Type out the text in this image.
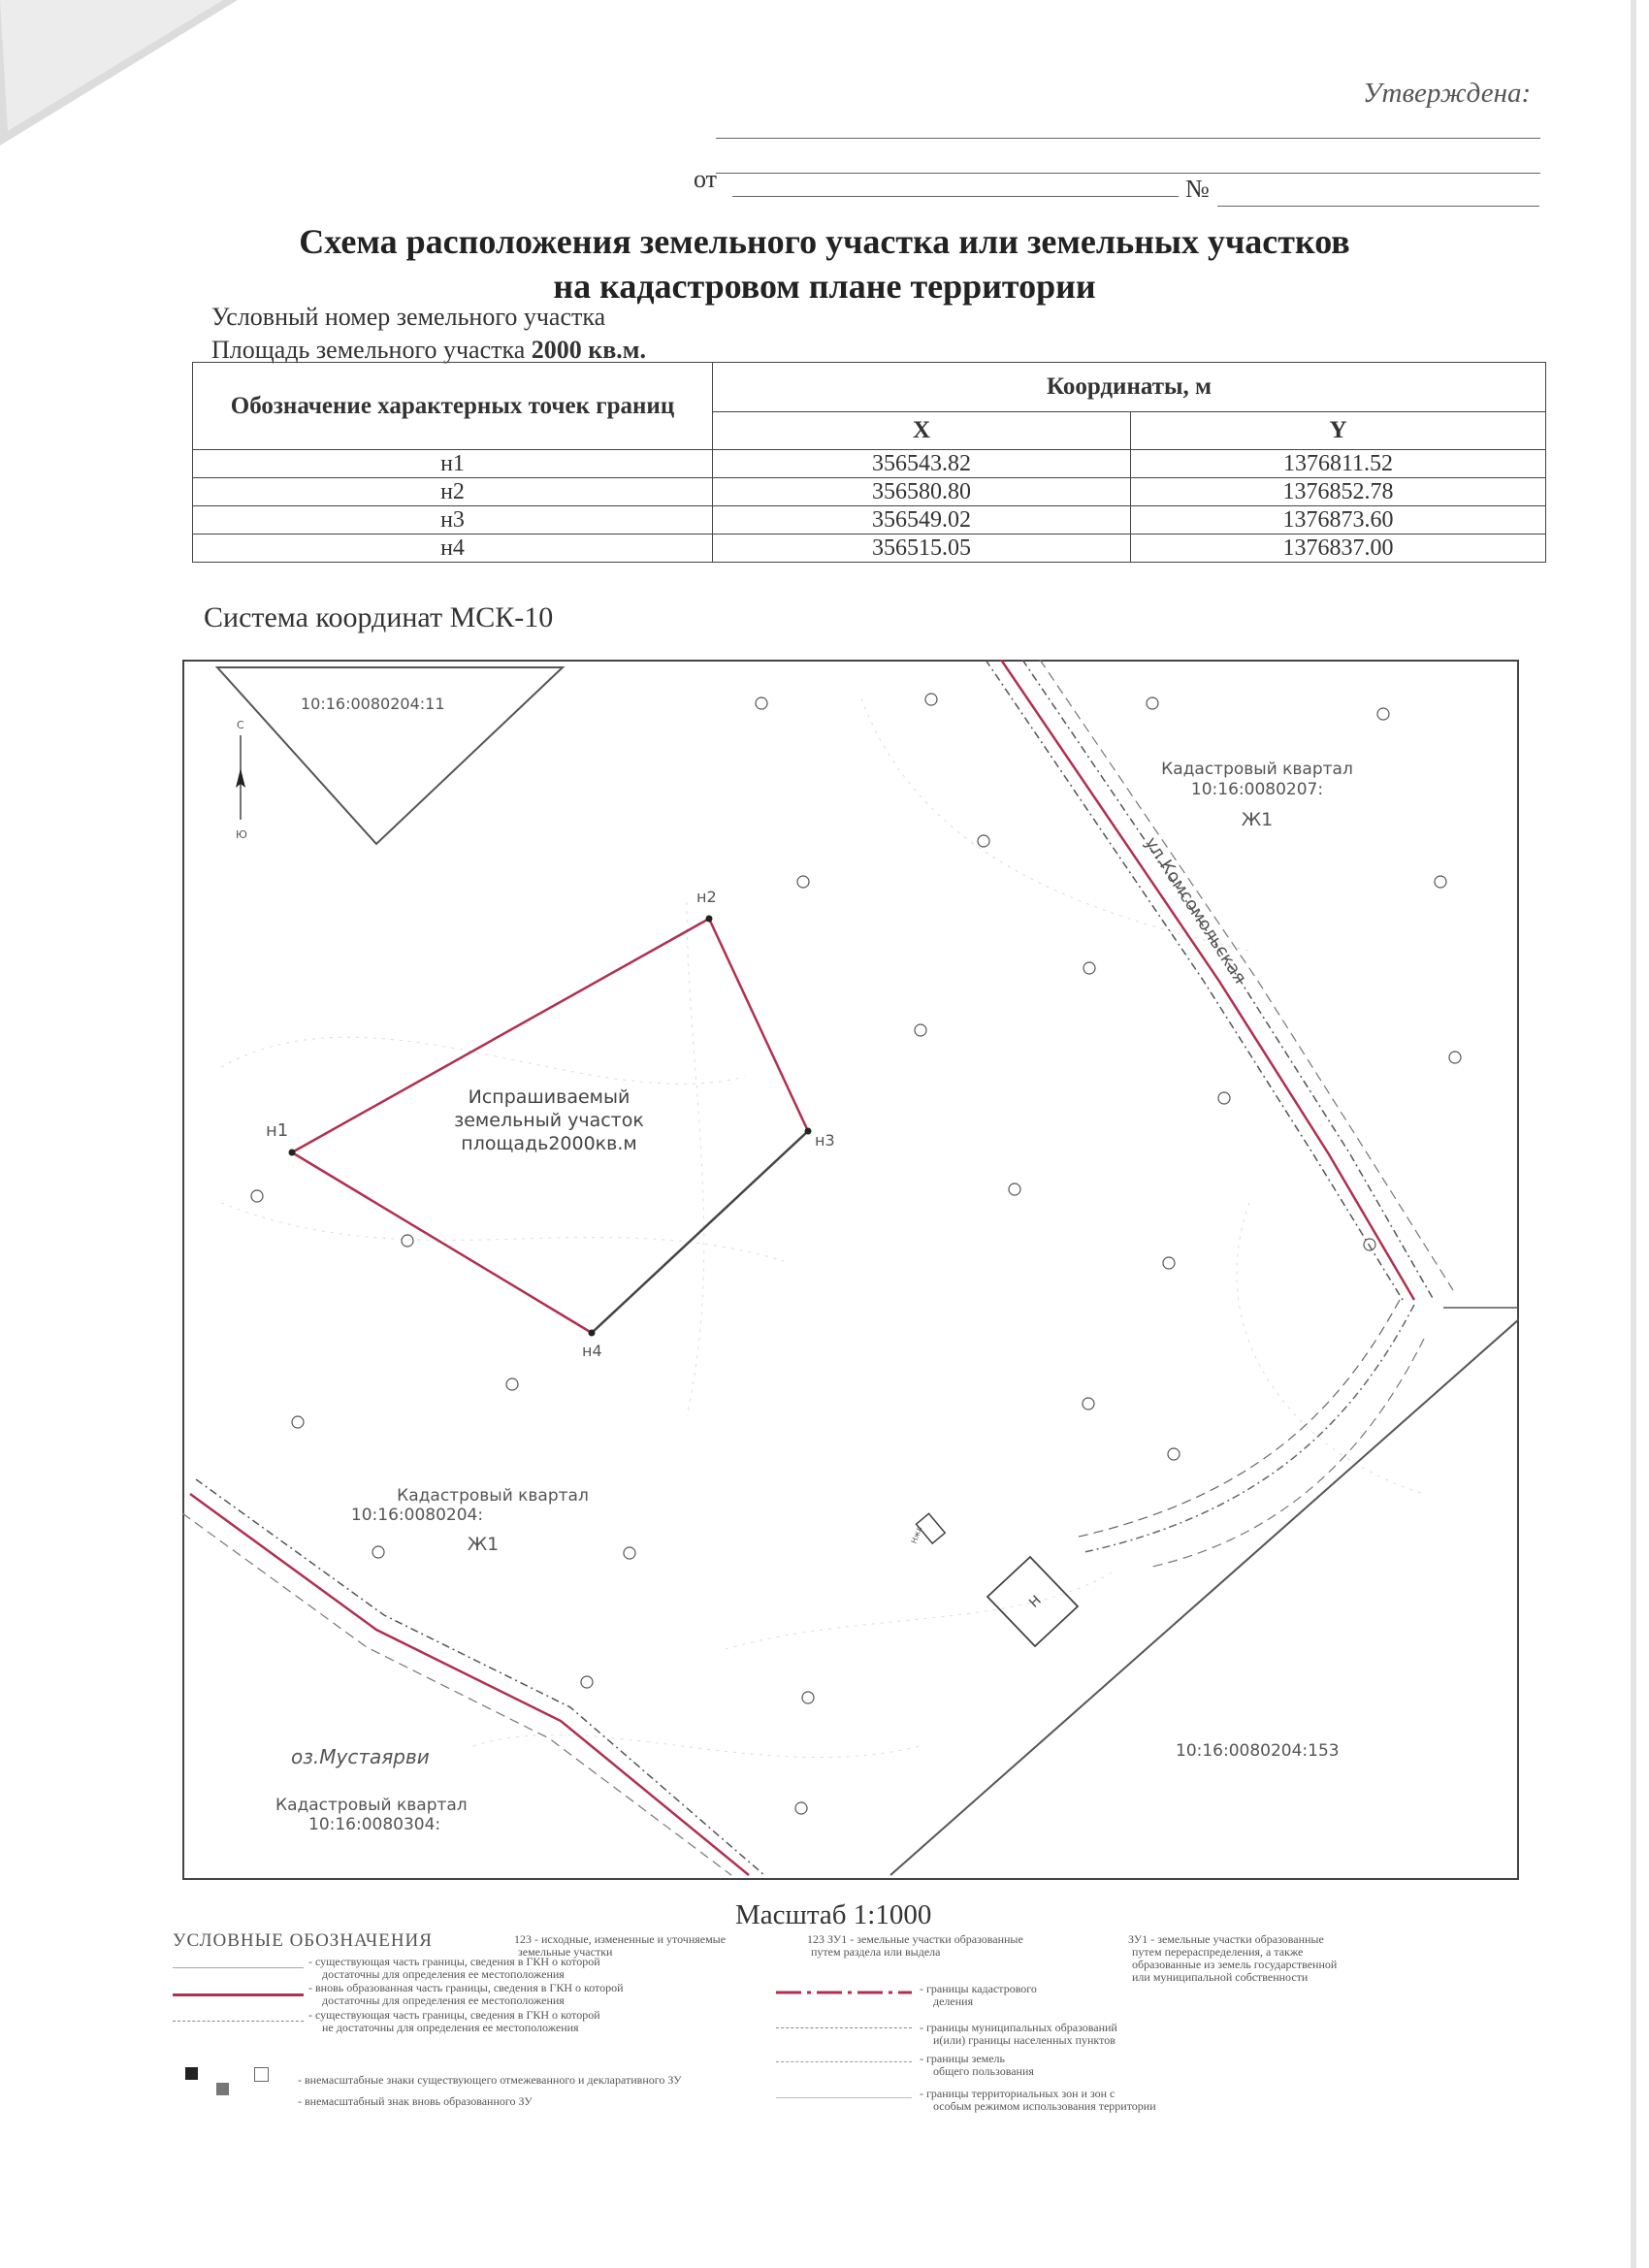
Утверждена:
от	№
Схема расположения земельного участка или земельных участков
на кадастровом плане территории
Условный номер земельного участка
Площадь земельного участка 2000 кв.м.
Обозначение характерных точек границ	Координаты, м	
	X	Y
н1	356543.82	1376811.52
н2	356580.80	1376852.78
н3	356549.02	1376873.60
н4	356515.05	1376837.00
Система координат МСК-10
10:16:0080204:11
С
Ю	ул.Комсомольская
н1
н2
н3
н4
Испрашиваемый
земельный участок
площадь2000кв.м
Кадастровый квартал
10:16:0080207:
Ж1
Кадастровый квартал
10:16:0080204:
Ж1
оз.Мустаярви
Кадастровый квартал
10:16:0080304:
10:16:0080204:153
Н
Нжл
Масштаб 1:1000
УСЛОВНЫЕ ОБОЗНАЧЕНИЯ
- существующая часть границы, сведения в ГКН о которой
достаточны для определения ее местоположения
- вновь образованная часть границы, сведения в ГКН о которой
достаточны для определения ее местоположения
- существующая часть границы, сведения в ГКН о которой
не достаточны для определения ее местоположения
123 - исходные, измененные и уточняемые
земельные участки
123 ЗУ1 - земельные участки образованные
путем раздела или выдела
ЗУ1 - земельные участки образованные
путем перераспределения, а также
образованные из земель государственной
или муниципальной собственности
- границы кадастрового
деления
- границы муниципальных образований
и(или) границы населенных пунктов
- границы земель
общего пользования
- границы территориальных зон и зон с
особым режимом использования территории
- внемасштабные знаки существующего отмежеванного и декларативного ЗУ
- внемасштабный знак вновь образованного ЗУ
